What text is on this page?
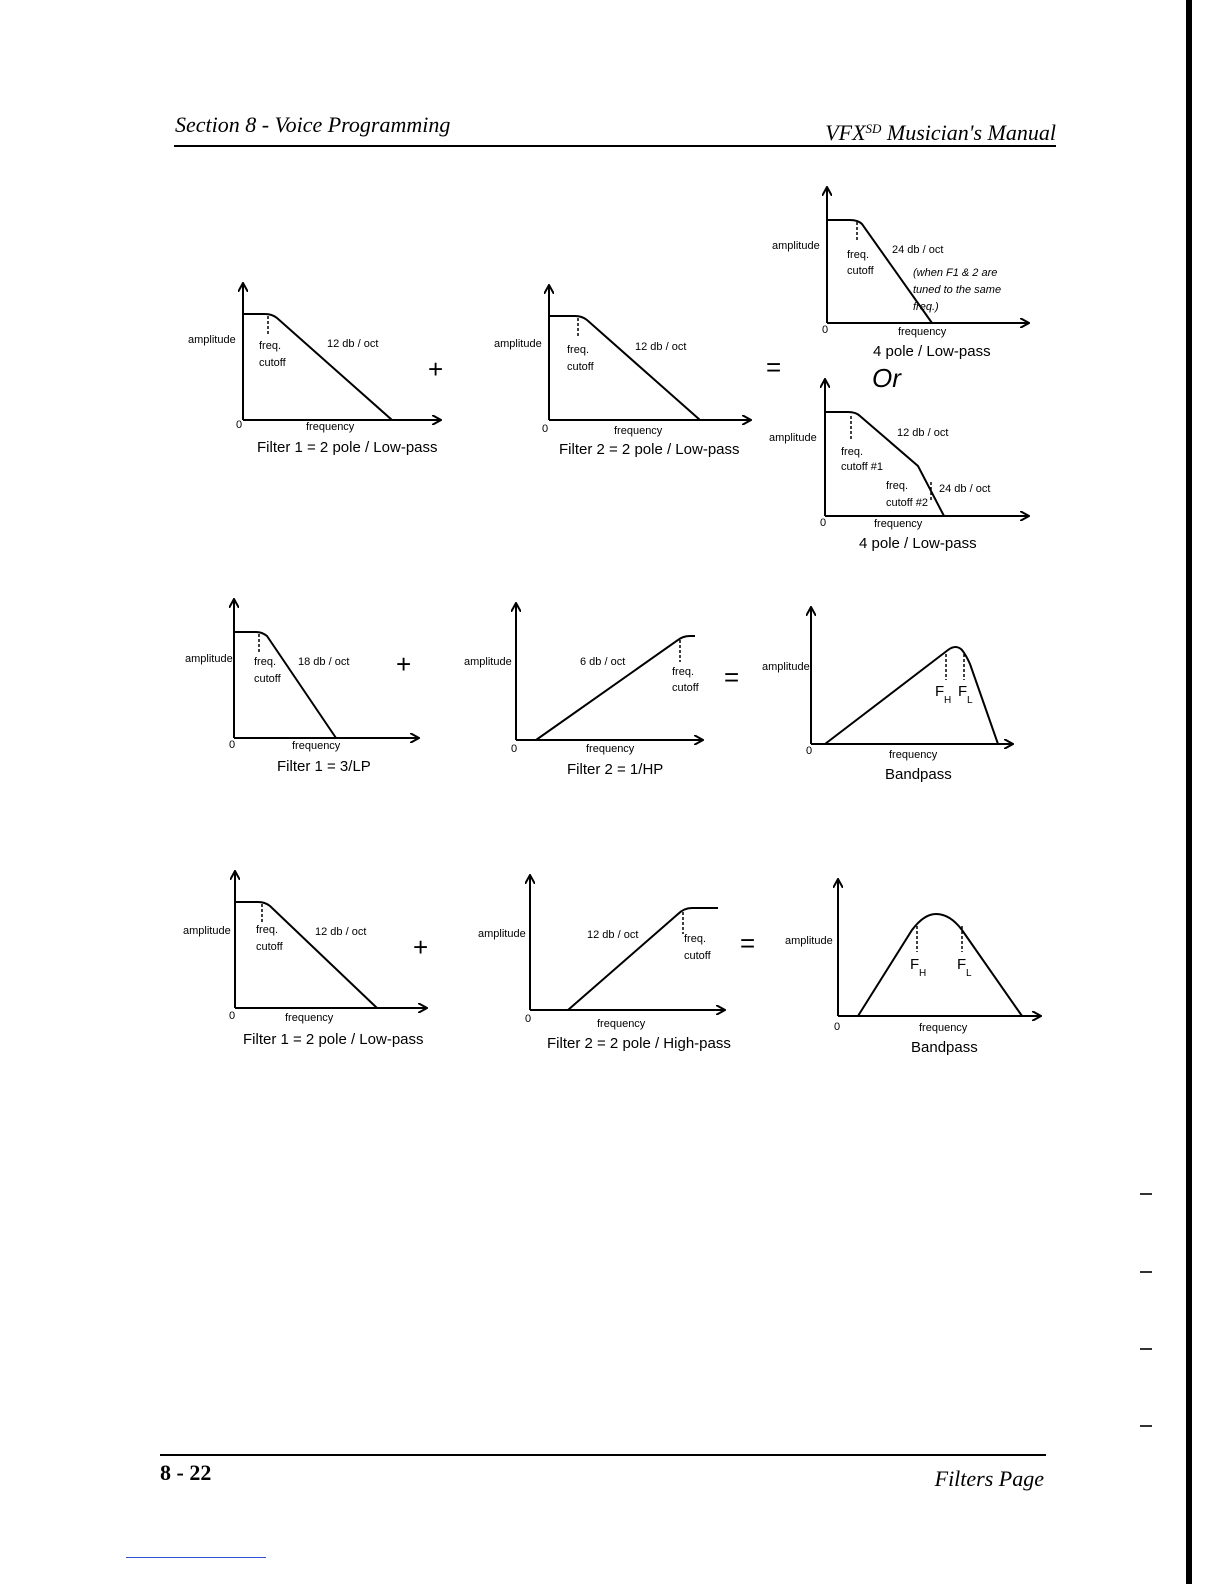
Section 8 - Voice Programming	$VFX^{SD}$ Musician's Manual
amplitude freq.
cutoff
12 db / oct
0	frequency
Filter 1 = 2 pole / Low-pass
+
amplitude freq.
cutoff
12 db / oct
0	frequency
Filter 2 = 2 pole / Low-pass
=
amplitude
freq.
cutoff
24 db / oct
(when F1 & 2 are
tuned to the same
freq.)
0	frequency
4 pole / Low-pass
Or
amplitude
freq.
cutoff #1
12 db / oct
freq.
cutoff #2
24 db / oct
0	frequency
4 pole / Low-pass
amplitude freq.
cutoff
18 db / oct
0	frequency
Filter 1 = 3/LP
+	amplitude	6 db / oct
freq.
cutoff
0	frequency
Filter 2 = 1/HP
= amplitude
F
H
F
L
0	frequency
Bandpass
amplitude freq.
cutoff
12 db / oct
0	frequency
Filter 1 = 2 pole / Low-pass
+	amplitude	12 db / oct	freq.
cutoff
0	frequency
Filter 2 = 2 pole / High-pass
=	amplitude
F
H
F
L
0	frequency
Bandpass
8 - 22	Filters Page
